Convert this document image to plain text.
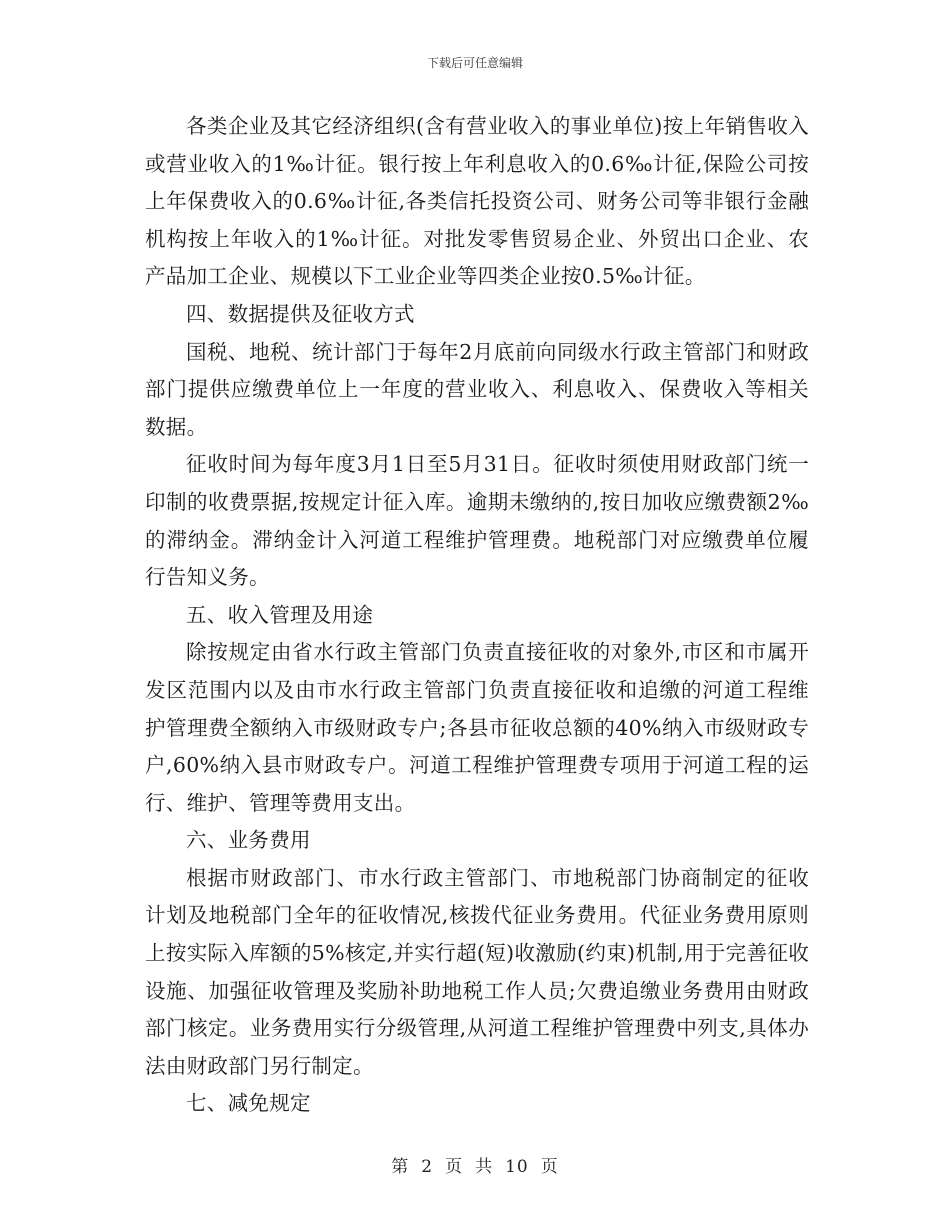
下载后可任意编辑

各类企业及其它经济组织(含有营业收入的事业单位)按上年销售收入或营业收入的1‰计征。银行按上年利息收入的0.6‰计征,保险公司按上年保费收入的0.6‰计征,各类信托投资公司、财务公司等非银行金融机构按上年收入的1‰计征。对批发零售贸易企业、外贸出口企业、农产品加工企业、规模以下工业企业等四类企业按0.5‰计征。

四、数据提供及征收方式

国税、地税、统计部门于每年2月底前向同级水行政主管部门和财政部门提供应缴费单位上一年度的营业收入、利息收入、保费收入等相关数据。

征收时间为每年度3月1日至5月31日。征收时须使用财政部门统一印制的收费票据,按规定计征入库。逾期未缴纳的,按日加收应缴费额2‰的滞纳金。滞纳金计入河道工程维护管理费。地税部门对应缴费单位履行告知义务。

五、收入管理及用途

除按规定由省水行政主管部门负责直接征收的对象外,市区和市属开发区范围内以及由市水行政主管部门负责直接征收和追缴的河道工程维护管理费全额纳入市级财政专户;各县市征收总额的40%纳入市级财政专户,60%纳入县市财政专户。河道工程维护管理费专项用于河道工程的运行、维护、管理等费用支出。

六、业务费用

根据市财政部门、市水行政主管部门、市地税部门协商制定的征收计划及地税部门全年的征收情况,核拨代征业务费用。代征业务费用原则上按实际入库额的5%核定,并实行超(短)收激励(约束)机制,用于完善征收设施、加强征收管理及奖励补助地税工作人员;欠费追缴业务费用由财政部门核定。业务费用实行分级管理,从河道工程维护管理费中列支,具体办法由财政部门另行制定。

七、减免规定

第 2 页 共 10 页
